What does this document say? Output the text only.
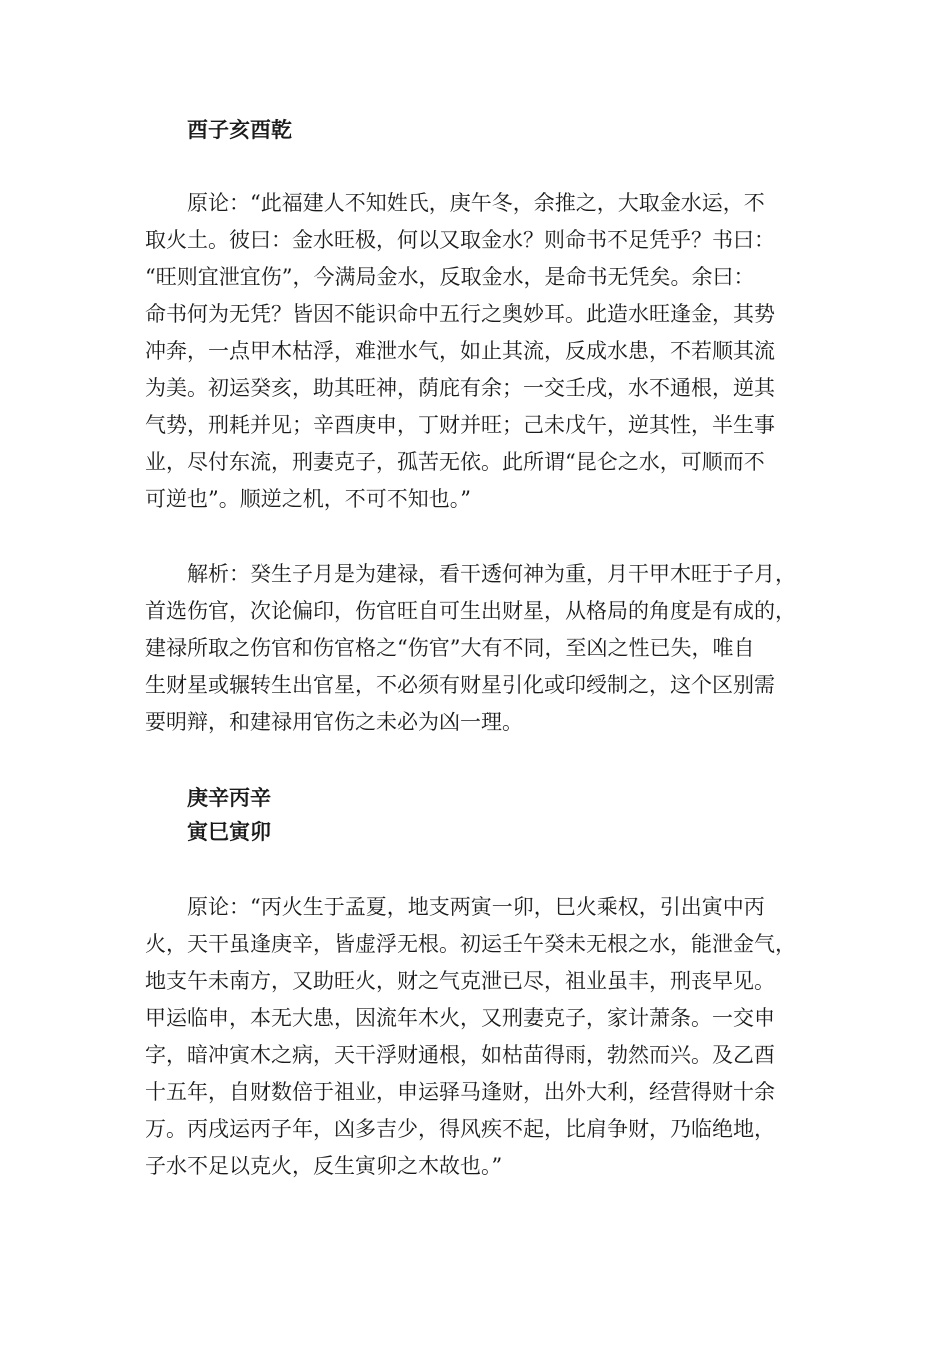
酉子亥酉乾

原论：“此福建人不知姓氏，庚午冬，余推之，大取金水运，不
取火土。彼曰：金水旺极，何以又取金水？则命书不足凭乎？书曰：
“旺则宜泄宜伤”，今满局金水，反取金水，是命书无凭矣。余曰：
命书何为无凭？皆因不能识命中五行之奥妙耳。此造水旺逢金，其势
冲奔，一点甲木枯浮，难泄水气，如止其流，反成水患，不若顺其流
为美。初运癸亥，助其旺神，荫庇有余；一交壬戌，水不通根，逆其
气势，刑耗并见；辛酉庚申，丁财并旺；己未戊午，逆其性，半生事
业，尽付东流，刑妻克子，孤苦无依。此所谓“昆仑之水，可顺而不
可逆也”。顺逆之机，不可不知也。”

解析：癸生子月是为建禄，看干透何神为重，月干甲木旺于子月，
首选伤官，次论偏印，伤官旺自可生出财星，从格局的角度是有成的，
建禄所取之伤官和伤官格之“伤官”大有不同，至凶之性已失，唯自
生财星或辗转生出官星，不必须有财星引化或印绶制之，这个区别需
要明辩，和建禄用官伤之未必为凶一理。

庚辛丙辛
寅巳寅卯

原论：“丙火生于孟夏，地支两寅一卯，巳火乘权，引出寅中丙
火，天干虽逢庚辛，皆虚浮无根。初运壬午癸未无根之水，能泄金气，
地支午未南方，又助旺火，财之气克泄已尽，祖业虽丰，刑丧早见。
甲运临申，本无大患，因流年木火，又刑妻克子，家计萧条。一交申
字，暗冲寅木之病，天干浮财通根，如枯苗得雨，勃然而兴。及乙酉
十五年，自财数倍于祖业，申运驿马逢财，出外大利，经营得财十余
万。丙戌运丙子年，凶多吉少，得风疾不起，比肩争财，乃临绝地，
子水不足以克火，反生寅卯之木故也。”
